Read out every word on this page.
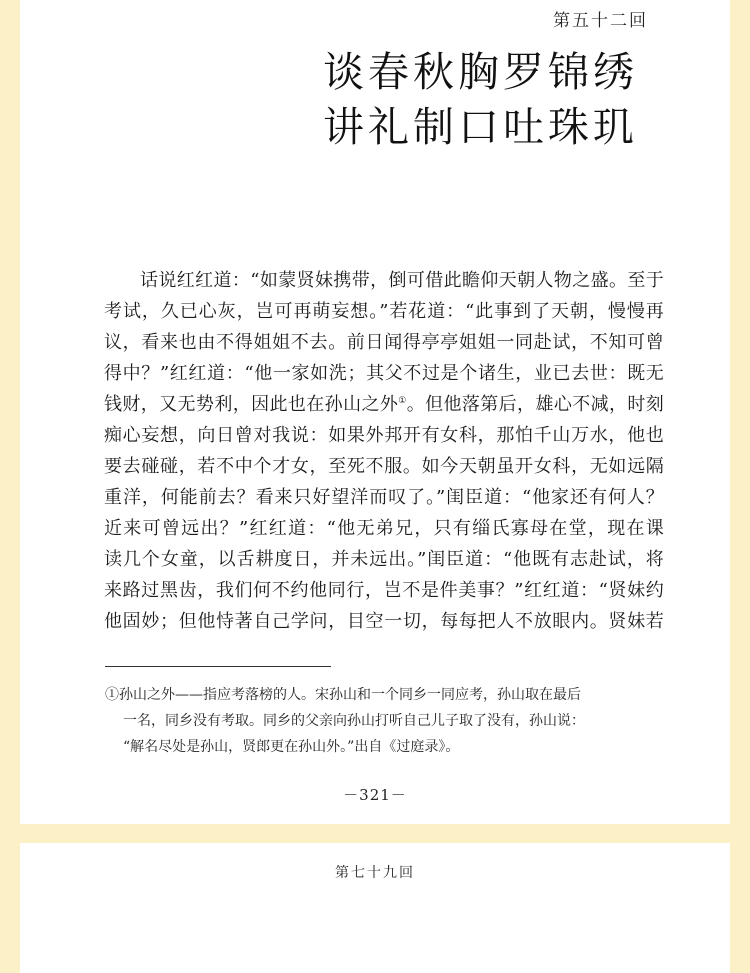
第五十二回
谈春秋胸罗锦绣
讲礼制口吐珠玑
话说红红道：“如蒙贤妹携带，倒可借此瞻仰天朝人物之盛。至于
考试，久已心灰，岂可再萌妄想。”若花道：“此事到了天朝，慢慢再
议，看来也由不得姐姐不去。前日闻得亭亭姐姐一同赴试，不知可曾
得中？”红红道：“他一家如洗；其父不过是个诸生，业已去世：既无
钱财，又无势利，因此也在孙山之外①。但他落第后，雄心不减，时刻
痴心妄想，向日曾对我说：如果外邦开有女科，那怕千山万水，他也
要去碰碰，若不中个才女，至死不服。如今天朝虽开女科，无如远隔
重洋，何能前去？看来只好望洋而叹了。”闺臣道：“他家还有何人？
近来可曾远出？”红红道：“他无弟兄，只有缁氏寡母在堂，现在课
读几个女童，以舌耕度日，并未远出。”闺臣道：“他既有志赴试，将
来路过黑齿，我们何不约他同行，岂不是件美事？”红红道：“贤妹约
他固妙；但他恃著自己学问，目空一切，每每把人不放眼内。贤妹若
①孙山之外——指应考落榜的人。宋孙山和一个同乡一同应考，孙山取在最后
一名，同乡没有考取。同乡的父亲向孙山打听自己儿子取了没有，孙山说：
“解名尽处是孙山，贤郎更在孙山外。”出自《过庭录》。
－321－
第七十九回
